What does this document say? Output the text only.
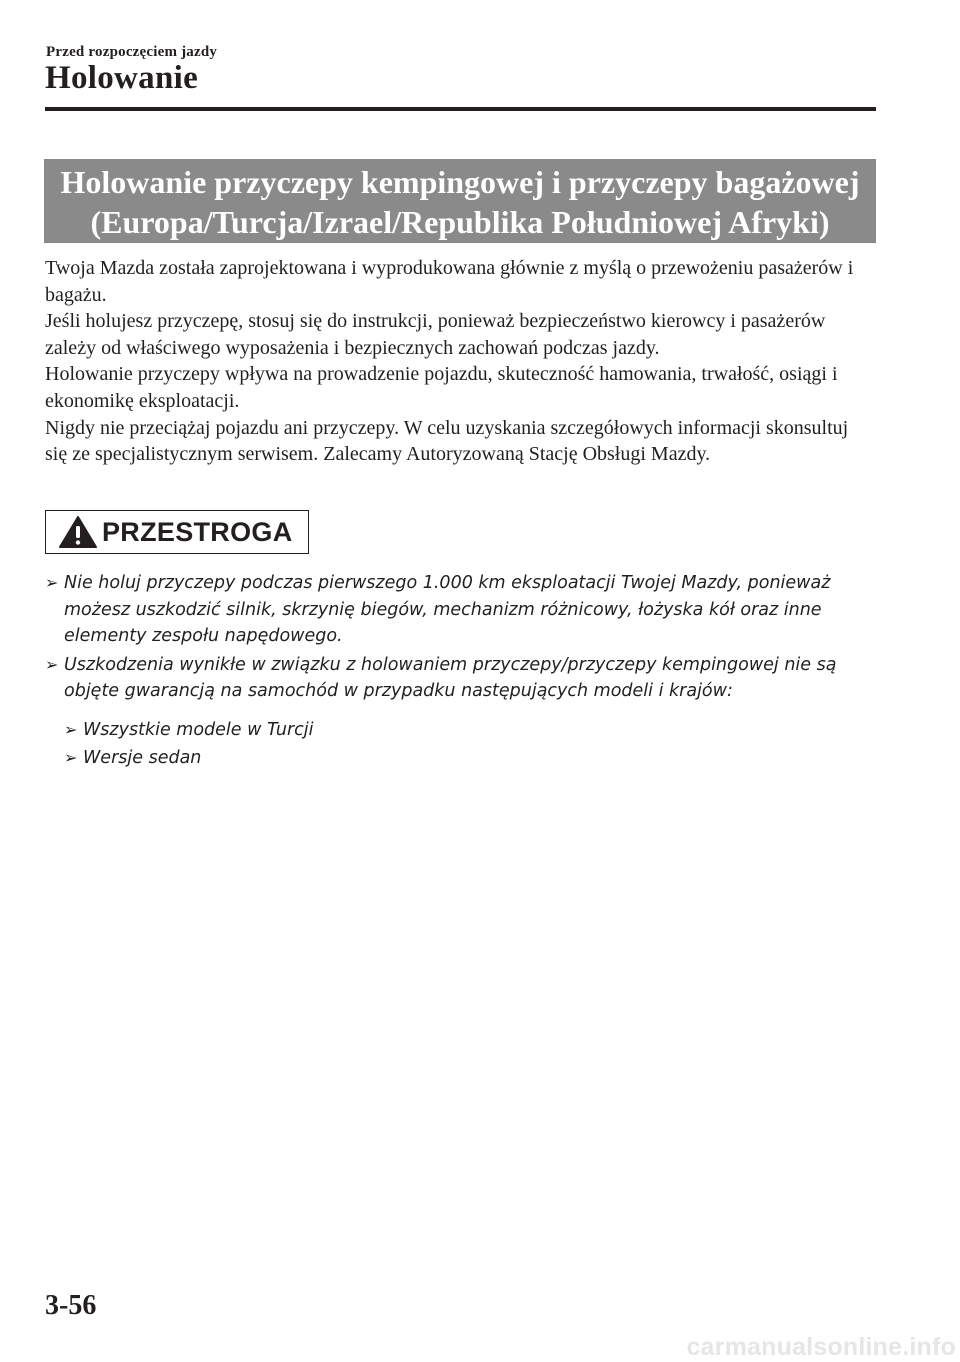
Przed rozpoczęciem jazdy
Holowanie
Holowanie przyczepy kempingowej i przyczepy bagażowej
(Europa/Turcja/Izrael/Republika Południowej Afryki)

Twoja Mazda została zaprojektowana i wyprodukowana głównie z myślą o przewożeniu pasażerów i bagażu.

Jeśli holujesz przyczepę, stosuj się do instrukcji, ponieważ bezpieczeństwo kierowcy i pasażerów zależy od właściwego wyposażenia i bezpiecznych zachowań podczas jazdy.

Holowanie przyczepy wpływa na prowadzenie pojazdu, skuteczność hamowania, trwałość, osiągi i ekonomikę eksploatacji.

Nigdy nie przeciążaj pojazdu ani przyczepy. W celu uzyskania szczegółowych informacji skonsultuj się ze specjalistycznym serwisem. Zalecamy Autoryzowaną Stację Obsługi Mazdy.

PRZESTROGA
➢ Nie holuj przyczepy podczas pierwszego 1.000 km eksploatacji Twojej Mazdy, ponieważ możesz uszkodzić silnik, skrzynię biegów, mechanizm różnicowy, łożyska kół oraz inne elementy zespołu napędowego.
➢ Uszkodzenia wynikłe w związku z holowaniem przyczepy/przyczepy kempingowej nie są objęte gwarancją na samochód w przypadku następujących modeli i krajów:
➢ Wszystkie modele w Turcji
➢ Wersje sedan
3-56
carmanualsonline.info
